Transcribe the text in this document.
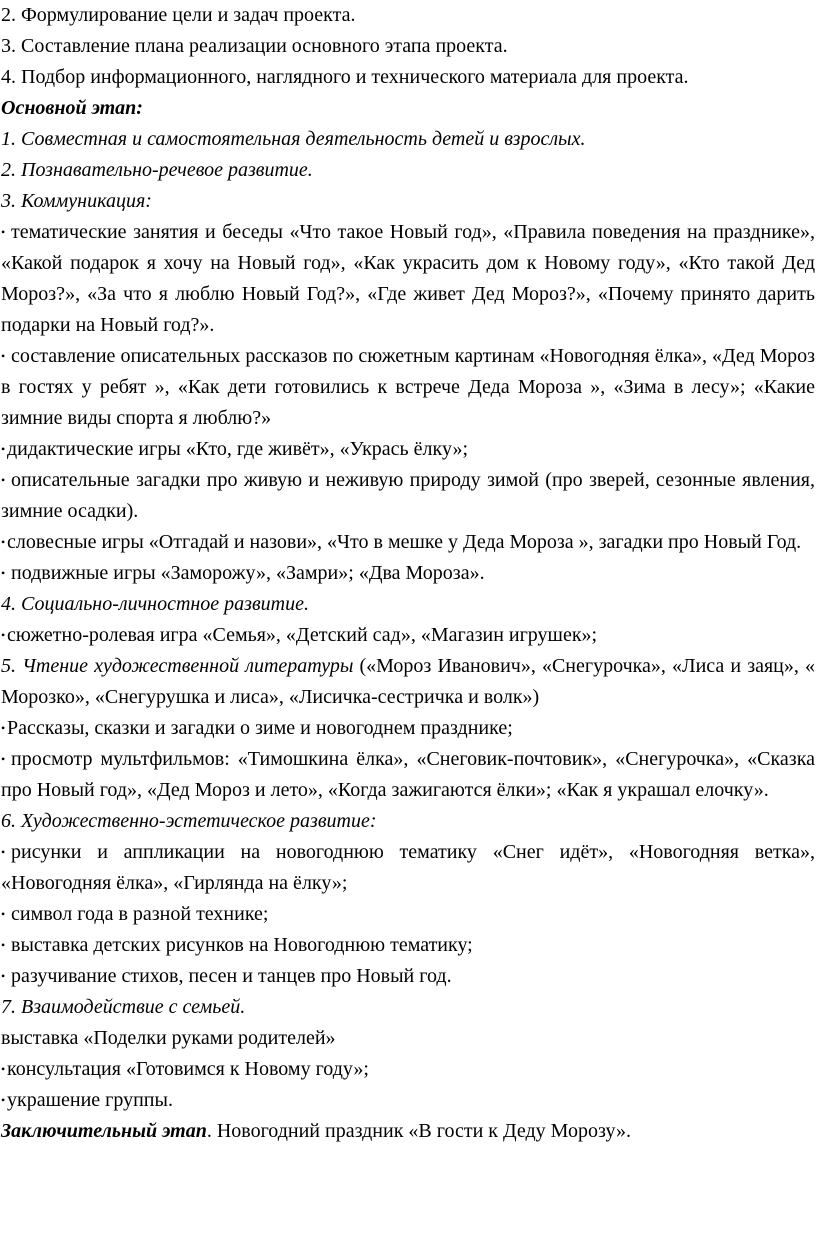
2. Формулирование цели и задач проекта.
3. Составление плана реализации основного этапа проекта.
4. Подбор информационного, наглядного и технического материала для проекта.
Основной этап:
1. Совместная и самостоятельная деятельность детей и взрослых.
2. Познавательно-речевое развитие.
3. Коммуникация:
• тематические занятия и беседы «Что такое Новый год», «Правила поведения на празднике», «Какой подарок я хочу на Новый год», «Как украсить дом к Новому году», «Кто такой Дед Мороз?», «За что я люблю Новый Год?», «Где живет Дед Мороз?», «Почему принято дарить подарки на Новый год?».
• составление описательных рассказов по сюжетным картинам «Новогодняя ёлка», «Дед Мороз в гостях у ребят », «Как дети готовились к встрече Деда Мороза », «Зима в лесу»; «Какие зимние виды спорта я люблю?»
•дидактические игры «Кто, где живёт», «Укрась ёлку»;
• описательные загадки про живую и неживую природу зимой (про зверей, сезонные явления, зимние осадки).
•словесные игры «Отгадай и назови», «Что в мешке у Деда Мороза », загадки про Новый Год.
• подвижные игры «Заморожу», «Замри»; «Два Мороза».
4. Социально-личностное развитие.
•сюжетно-ролевая игра «Семья», «Детский сад», «Магазин игрушек»;
5. Чтение художественной литературы («Мороз Иванович», «Снегурочка», «Лиса и заяц», « Морозко», «Снегурушка и лиса», «Лисичка-сестричка и волк»)
•Рассказы, сказки и загадки о зиме и новогоднем празднике;
• просмотр мультфильмов: «Тимошкина ёлка», «Снеговик-почтовик», «Снегурочка», «Сказка про Новый год», «Дед Мороз и лето», «Когда зажигаются ёлки»; «Как я украшал елочку».
6. Художественно-эстетическое развитие:
• рисунки и аппликации на новогоднюю тематику «Снег идёт», «Новогодняя ветка», «Новогодняя ёлка», «Гирлянда на ёлку»;
• символ года в разной технике;
• выставка детских рисунков на Новогоднюю тематику;
• разучивание стихов, песен и танцев про Новый год.
7. Взаимодействие с семьей.
выставка «Поделки руками родителей»
•консультация «Готовимся к Новому году»;
•украшение группы.
Заключительный этап. Новогодний праздник «В гости к Деду Морозу».
